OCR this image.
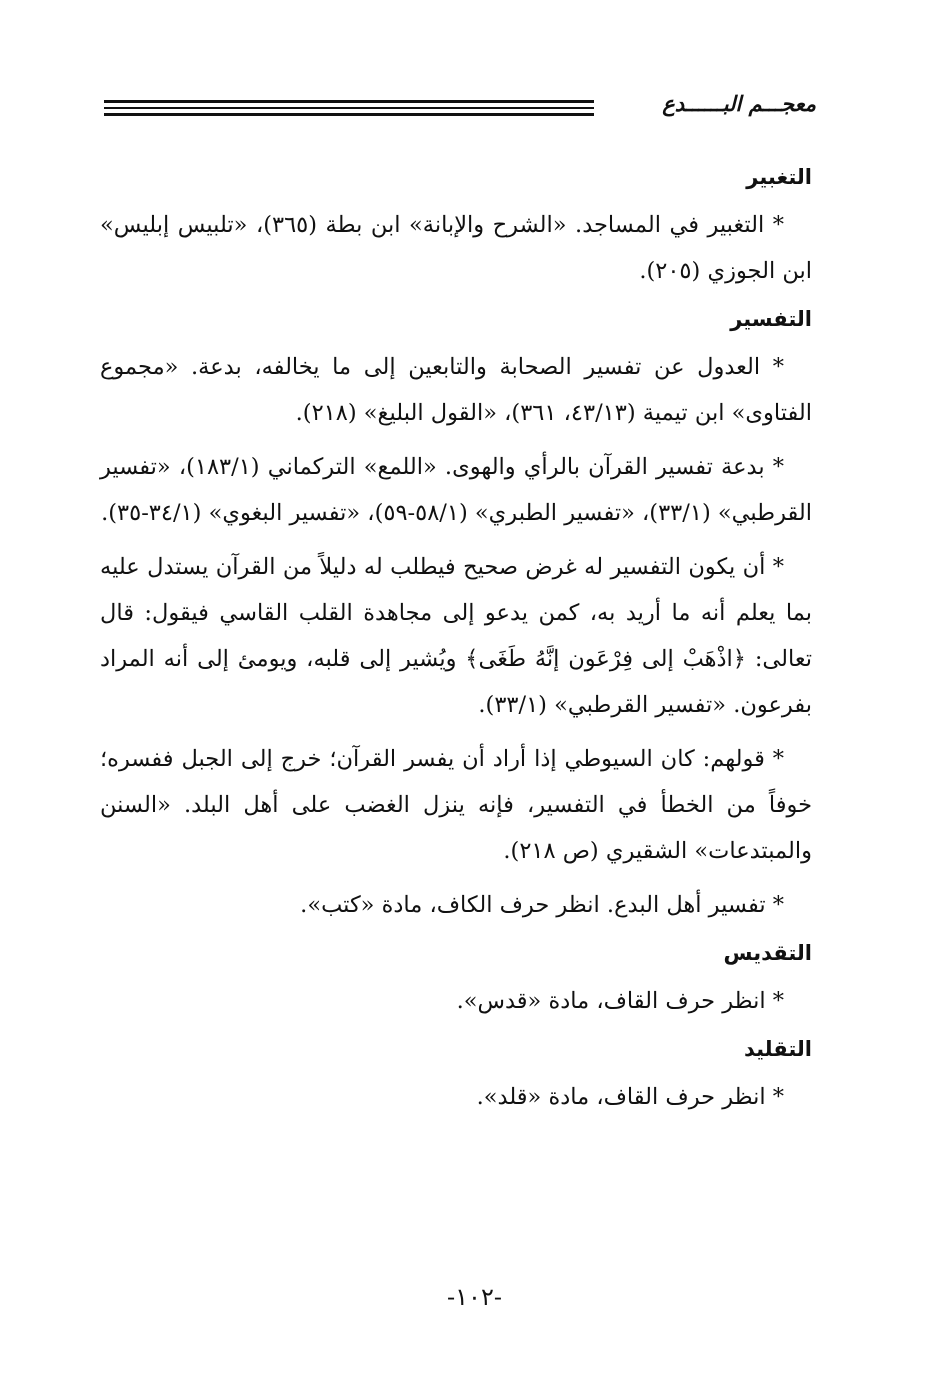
معجـــم البــــــدع
التغبير

* التغبير في المساجد. «الشرح والإبانة» ابن بطة (٣٦٥)، «تلبيس إبليس» ابن الجوزي (٢٠٥).

التفسير

* العدول عن تفسير الصحابة والتابعين إلى ما يخالفه، بدعة. «مجموع الفتاوى» ابن تيمية (٤٣/١٣، ٣٦١)، «القول البليغ» (٢١٨).

* بدعة تفسير القرآن بالرأي والهوى. «اللمع» التركماني (١٨٣/١)، «تفسير القرطبي» (٣٣/١)، «تفسير الطبري» (٥٨/١-٥٩)، «تفسير البغوي» (٣٤/١-٣٥).

* أن يكون التفسير له غرض صحيح فيطلب له دليلاً من القرآن يستدل عليه بما يعلم أنه ما أريد به، كمن يدعو إلى مجاهدة القلب القاسي فيقول: قال تعالى: ﴿اذْهَبْ إلى فِرْعَون إنَّهُ طَغَى﴾ ويُشير إلى قلبه، ويومئ إلى أنه المراد بفرعون. «تفسير القرطبي» (٣٣/١).

* قولهم: كان السيوطي إذا أراد أن يفسر القرآن؛ خرج إلى الجبل ففسره؛ خوفاً من الخطأ في التفسير، فإنه ينزل الغضب على أهل البلد. «السنن والمبتدعات» الشقيري (ص ٢١٨).

* تفسير أهل البدع. انظر حرف الكاف، مادة «كتب».

التقديس

* انظر حرف القاف، مادة «قدس».

التقليد

* انظر حرف القاف، مادة «قلد».

-١٠٢-
